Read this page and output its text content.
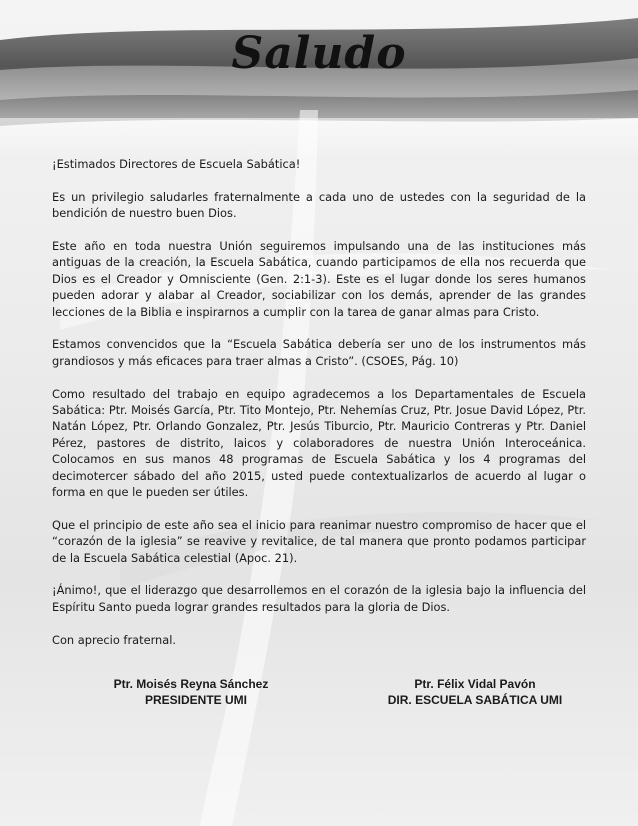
Saludo

¡Estimados Directores de Escuela Sabática!

Es un privilegio saludarles fraternalmente a cada uno de ustedes con la seguridad de la bendición de nuestro buen Dios.

Este año en toda nuestra Unión seguiremos impulsando una de las instituciones más antiguas de la creación, la Escuela Sabática, cuando participamos de ella nos recuerda que Dios es el Creador y Omnisciente (Gen. 2:1-3). Este es el lugar donde los seres humanos pueden adorar y alabar al Creador, sociabilizar con los demás, aprender de las grandes lecciones de la Biblia e inspirarnos a cumplir con la tarea de ganar almas para Cristo.

Estamos convencidos que la “Escuela Sabática debería ser uno de los instrumentos más grandiosos y más eficaces para traer almas a Cristo”. (CSOES, Pág. 10)

Como resultado del trabajo en equipo agradecemos a los Departamentales de Escuela Sabática: Ptr. Moisés García, Ptr. Tito Montejo, Ptr. Nehemías Cruz, Ptr. Josue David López, Ptr. Natán López, Ptr. Orlando Gonzalez, Ptr. Jesús Tiburcio, Ptr. Mauricio Contreras y Ptr. Daniel Pérez, pastores de distrito, laicos y colaboradores de nuestra Unión Interoceánica. Colocamos en sus manos 48 programas de Escuela Sabática y los 4 programas del decimotercer sábado del año 2015, usted puede contextualizarlos de acuerdo al lugar o forma en que le pueden ser útiles.

Que el principio de este año sea el inicio para reanimar nuestro compromiso de hacer que el “corazón de la iglesia” se reavive y revitalice, de tal manera que pronto podamos participar de la Escuela Sabática celestial (Apoc. 21).

¡Ánimo!, que el liderazgo que desarrollemos en el corazón de la iglesia bajo la influencia del Espíritu Santo pueda lograr grandes resultados para la gloria de Dios.

Con aprecio fraternal.

Ptr. Moisés Reyna Sánchez
PRESIDENTE UMI
Ptr. Félix Vidal Pavón
DIR. ESCUELA SABÁTICA UMI
